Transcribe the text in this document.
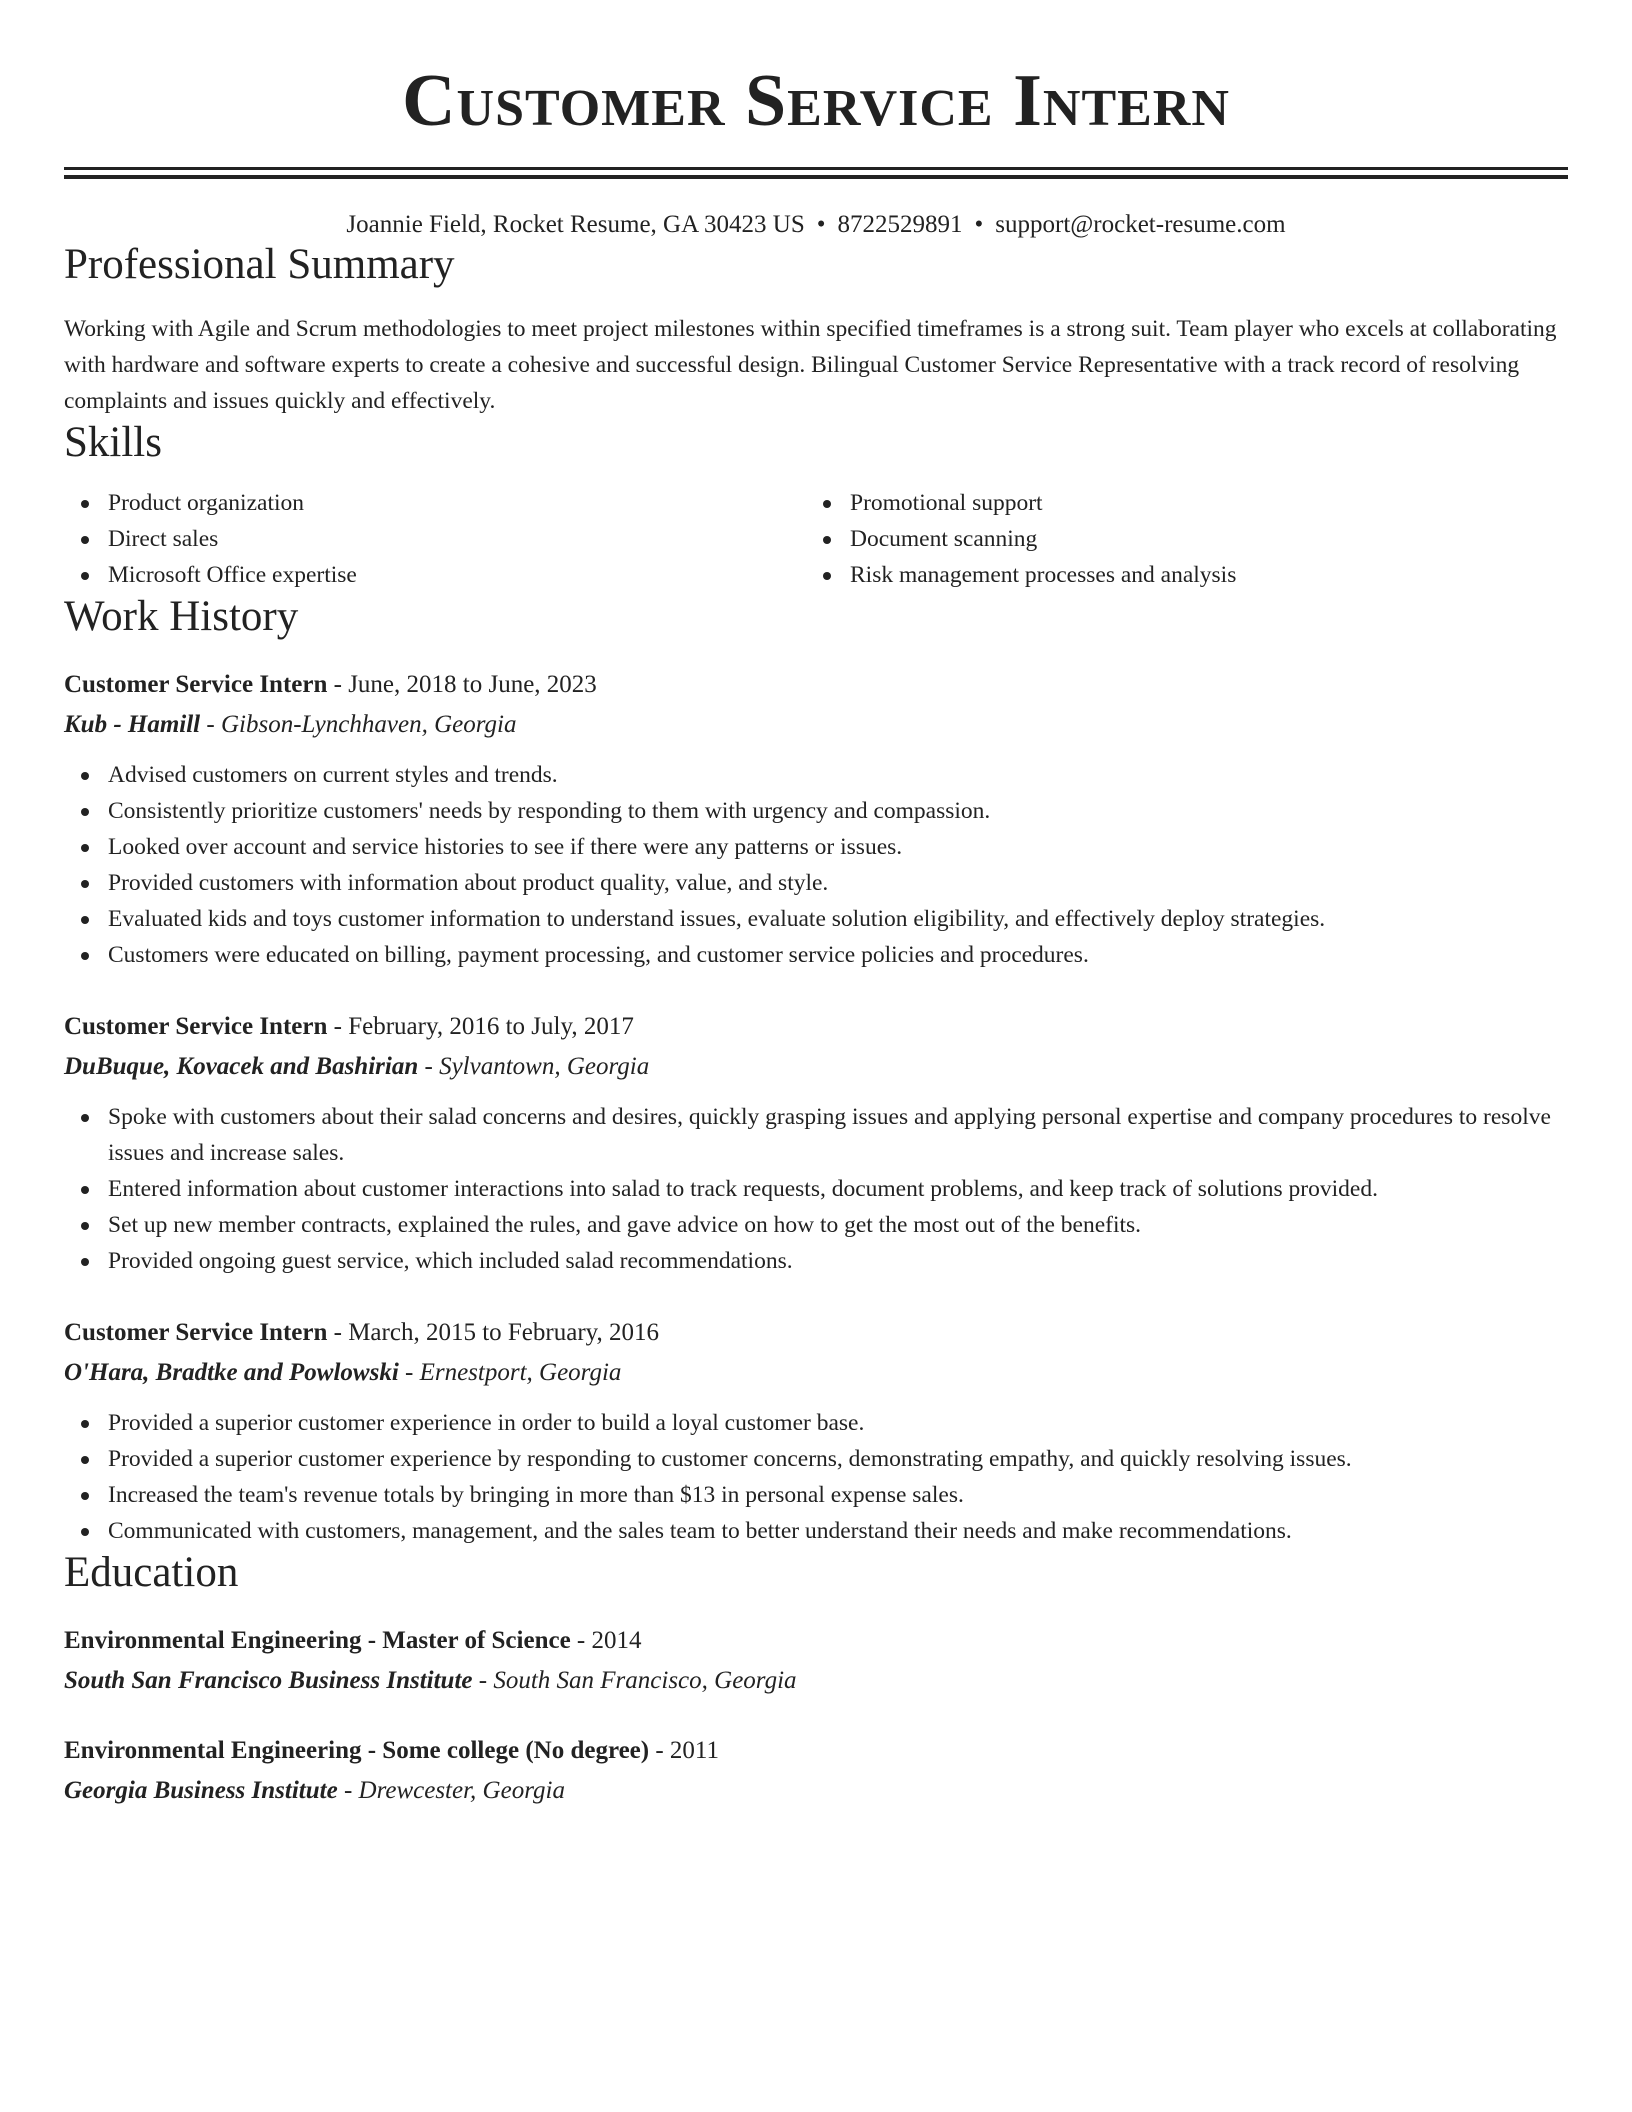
Customer Service Intern
Joannie Field, Rocket Resume, GA 30423 US • 8722529891 • support@rocket-resume.com
Professional Summary

Working with Agile and Scrum methodologies to meet project milestones within specified timeframes is a strong suit. Team player who excels at collaborating with hardware and software experts to create a cohesive and successful design. Bilingual Customer Service Representative with a track record of resolving complaints and issues quickly and effectively.

Skills
Product organization
Direct sales
Microsoft Office expertise
Promotional support
Document scanning
Risk management processes and analysis
Work History
Customer Service Intern - June, 2018 to June, 2023
Kub - Hamill - Gibson-Lynchhaven, Georgia
Advised customers on current styles and trends.
Consistently prioritize customers' needs by responding to them with urgency and compassion.
Looked over account and service histories to see if there were any patterns or issues.
Provided customers with information about product quality, value, and style.
Evaluated kids and toys customer information to understand issues, evaluate solution eligibility, and effectively deploy strategies.
Customers were educated on billing, payment processing, and customer service policies and procedures.
Customer Service Intern - February, 2016 to July, 2017
DuBuque, Kovacek and Bashirian - Sylvantown, Georgia
Spoke with customers about their salad concerns and desires, quickly grasping issues and applying personal expertise and company procedures to resolve issues and increase sales.
Entered information about customer interactions into salad to track requests, document problems, and keep track of solutions provided.
Set up new member contracts, explained the rules, and gave advice on how to get the most out of the benefits.
Provided ongoing guest service, which included salad recommendations.
Customer Service Intern - March, 2015 to February, 2016
O'Hara, Bradtke and Powlowski - Ernestport, Georgia
Provided a superior customer experience in order to build a loyal customer base.
Provided a superior customer experience by responding to customer concerns, demonstrating empathy, and quickly resolving issues.
Increased the team's revenue totals by bringing in more than $13 in personal expense sales.
Communicated with customers, management, and the sales team to better understand their needs and make recommendations.
Education
Environmental Engineering - Master of Science - 2014
South San Francisco Business Institute - South San Francisco, Georgia
Environmental Engineering - Some college (No degree) - 2011
Georgia Business Institute - Drewcester, Georgia
